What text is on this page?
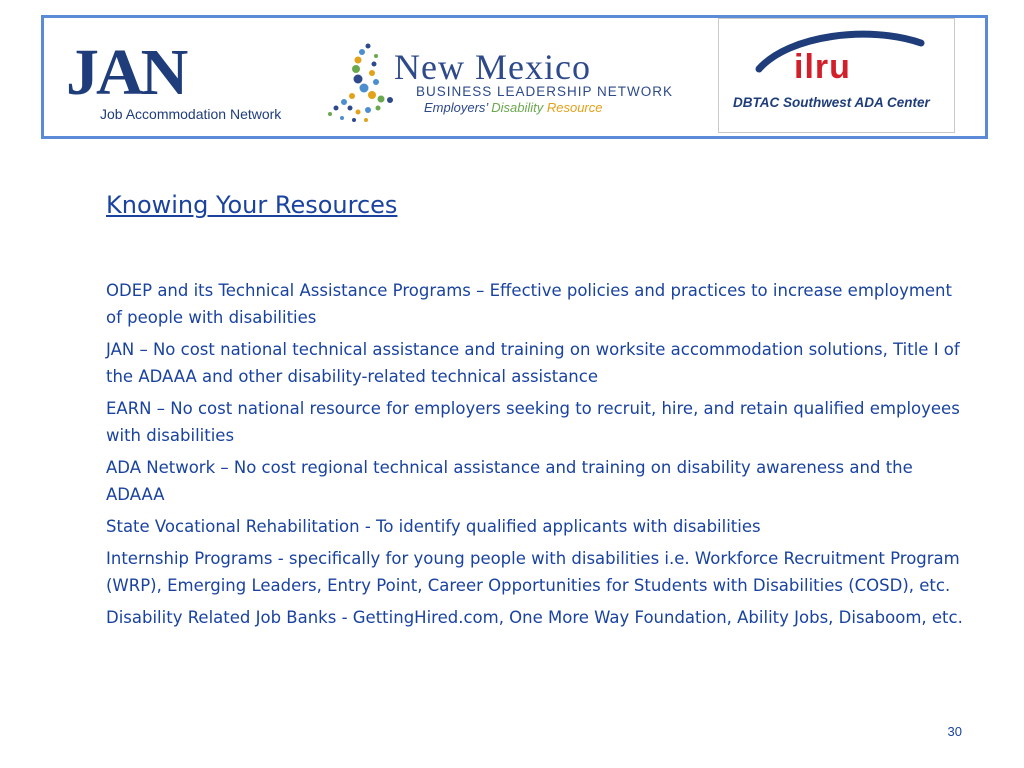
JAN
Job Accommodation Network
New Mexico
BUSINESS LEADERSHIP NETWORK
Employers’ Disability Resource
ilru
DBTAC Southwest ADA Center
Knowing Your Resources
ODEP and its Technical Assistance Programs – Effective policies and practices to increase employment of people with disabilities
JAN – No cost national technical assistance and training on worksite accommodation solutions, Title I of the ADAAA and other disability-related technical assistance
EARN – No cost national resource for employers seeking to recruit, hire, and retain qualified employees with disabilities
ADA Network – No cost regional technical assistance and training on disability awareness and the ADAAA
State Vocational Rehabilitation - To identify qualified applicants with disabilities
Internship Programs - specifically for young people with disabilities i.e. Workforce Recruitment Program (WRP), Emerging Leaders, Entry Point, Career Opportunities for Students with Disabilities (COSD), etc.
Disability Related Job Banks - GettingHired.com, One More Way Foundation, Ability Jobs, Disaboom, etc.
30
